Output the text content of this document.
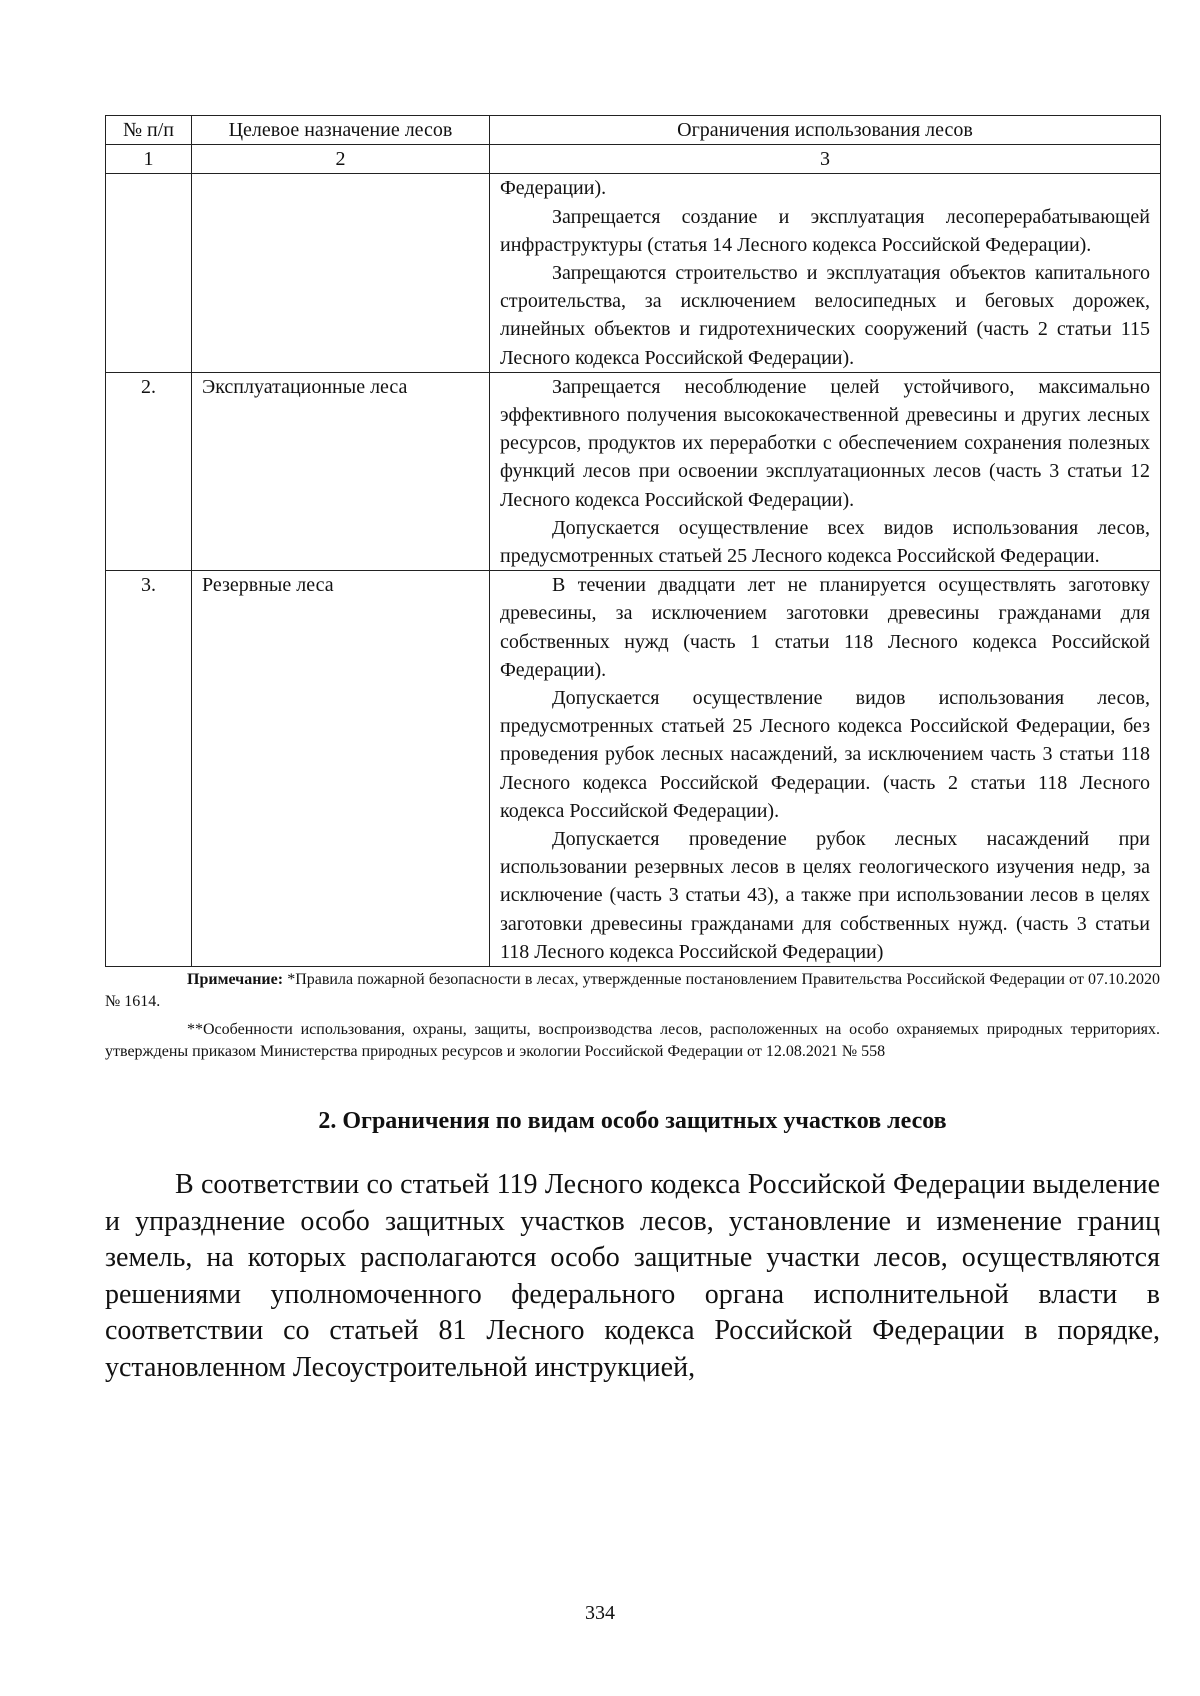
№ п/п	Целевое назначение лесов	Ограничения использования лесов
1	2	3

		Федерации).

Запрещается создание и эксплуатация лесоперерабатывающей инфраструктуры (статья 14 Лесного кодекса Российской Федерации).

Запрещаются строительство и эксплуатация объектов капитального строительства, за исключением велосипедных и беговых дорожек, линейных объектов и гидротехнических сооружений (часть 2 статьи 115 Лесного кодекса Российской Федерации).

2.	Эксплуатационные леса	Запрещается несоблюдение целей устойчивого, максимально эффективного получения высококачественной древесины и других лесных ресурсов, продуктов их переработки с обеспечением сохранения полезных функций лесов при освоении эксплуатационных лесов (часть 3 статьи 12 Лесного кодекса Российской Федерации).

Допускается осуществление всех видов использования лесов, предусмотренных статьей 25 Лесного кодекса Российской Федерации.

3.	Резервные леса	В течении двадцати лет не планируется осуществлять заготовку древесины, за исключением заготовки древесины гражданами для собственных нужд (часть 1 статьи 118 Лесного кодекса Российской Федерации).

Допускается осуществление видов использования лесов, предусмотренных статьей 25 Лесного кодекса Российской Федерации, без проведения рубок лесных насаждений, за исключением часть 3 статьи 118 Лесного кодекса Российской Федерации. (часть 2 статьи 118 Лесного кодекса Российской Федерации).

Допускается проведение рубок лесных насаждений при использовании резервных лесов в целях геологического изучения недр, за исключение (часть 3 статьи 43), а также при использовании лесов в целях заготовки древесины гражданами для собственных нужд. (часть 3 статьи 118 Лесного кодекса Российской Федерации)

Примечание: *Правила пожарной безопасности в лесах, утвержденные постановлением Правительства Российской Федерации от 07.10.2020 № 1614.

**Особенности использования, охраны, защиты, воспроизводства лесов, расположенных на особо охраняемых природных территориях. утверждены приказом Министерства природных ресурсов и экологии Российской Федерации от 12.08.2021 № 558

2. Ограничения по видам особо защитных участков лесов

В соответствии со статьей 119 Лесного кодекса Российской Федерации выделение и упразднение особо защитных участков лесов, установление и изменение границ земель, на которых располагаются особо защитные участки лесов, осуществляются решениями уполномоченного федерального органа исполнительной власти в соответствии со статьей 81 Лесного кодекса Российской Федерации в порядке, установленном Лесоустроительной инструкцией,

334
